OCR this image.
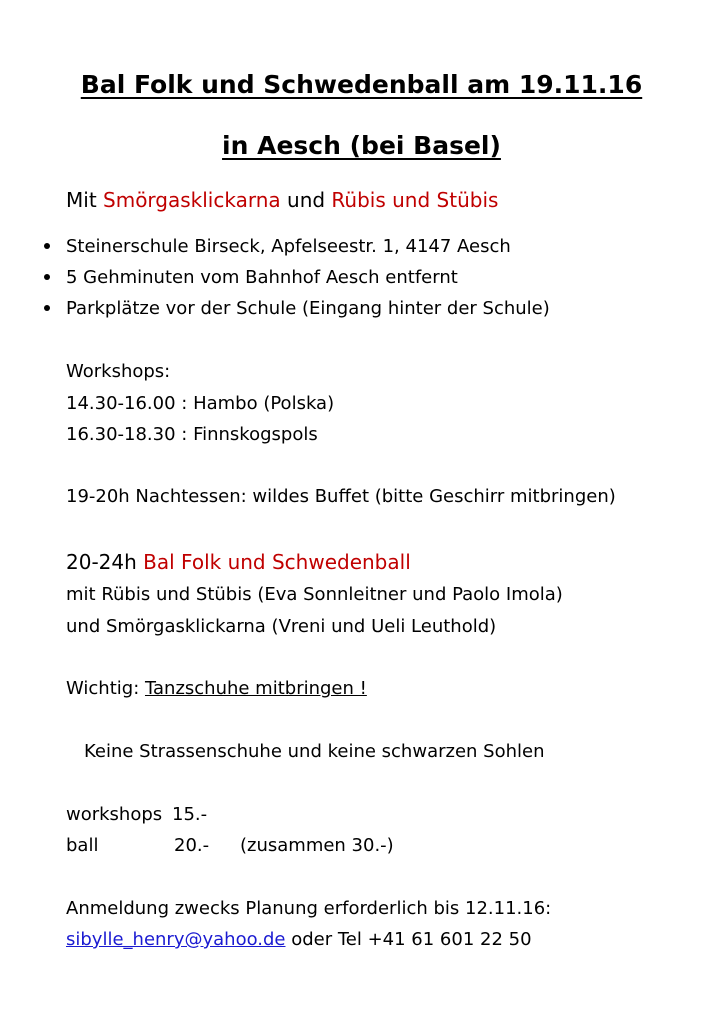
Bal Folk und Schwedenball am 19.11.16
in Aesch (bei Basel)
Mit Smörgasklickarna und Rübis und Stübis
Steinerschule Birseck, Apfelseestr. 1, 4147 Aesch
5 Gehminuten vom Bahnhof Aesch entfernt
Parkplätze vor der Schule (Eingang hinter der Schule)
Workshops:
14.30-16.00 : Hambo (Polska)
16.30-18.30 : Finnskogspols
19-20h Nachtessen: wildes Buffet (bitte Geschirr mitbringen)
20-24h Bal Folk und Schwedenball
mit Rübis und Stübis (Eva Sonnleitner und Paolo Imola)
und Smörgasklickarna (Vreni und Ueli Leuthold)
Wichtig: Tanzschuhe mitbringen !
Keine Strassenschuhe und keine schwarzen Sohlen
workshops 15.-
ball	20.- (zusammen 30.-)
Anmeldung zwecks Planung erforderlich bis 12.11.16:
sibylle_henry@yahoo.de oder Tel +41 61 601 22 50
